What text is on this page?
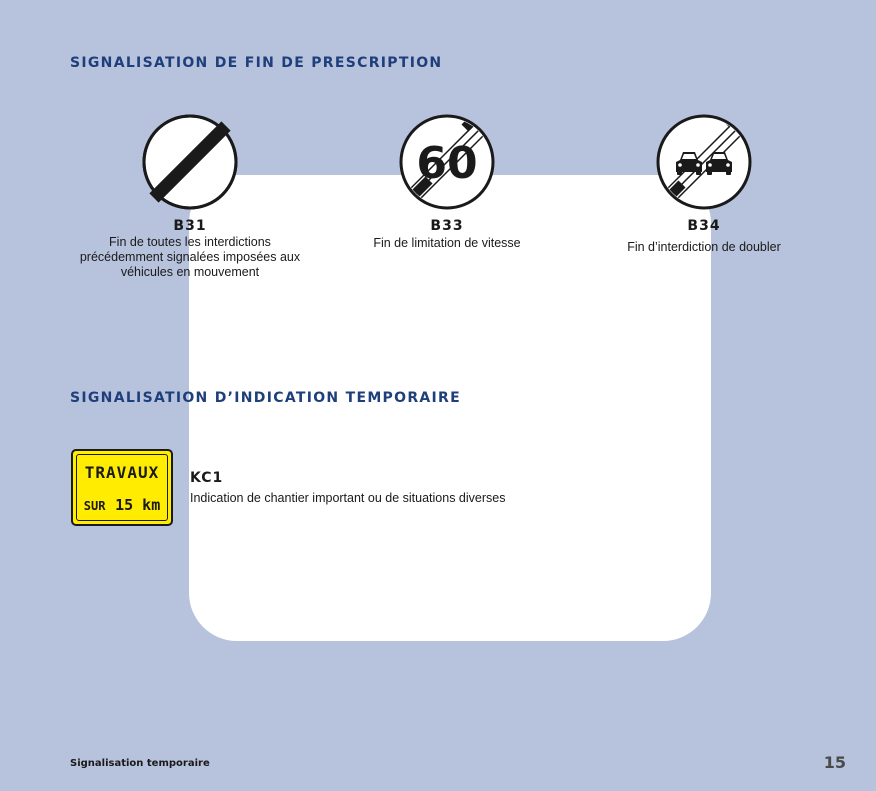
SIGNALISATION DE FIN DE PRESCRIPTION
B31
Fin de toutes les interdictions précédemment signalées imposées aux véhicules en mouvement
60
B33
Fin de limitation de vitesse
B34
Fin d’interdiction de doubler
SIGNALISATION D’INDICATION TEMPORAIRE
TRAVAUX
SUR 15 km
KC1
Indication de chantier important ou de situations diverses
Signalisation temporaire	15
